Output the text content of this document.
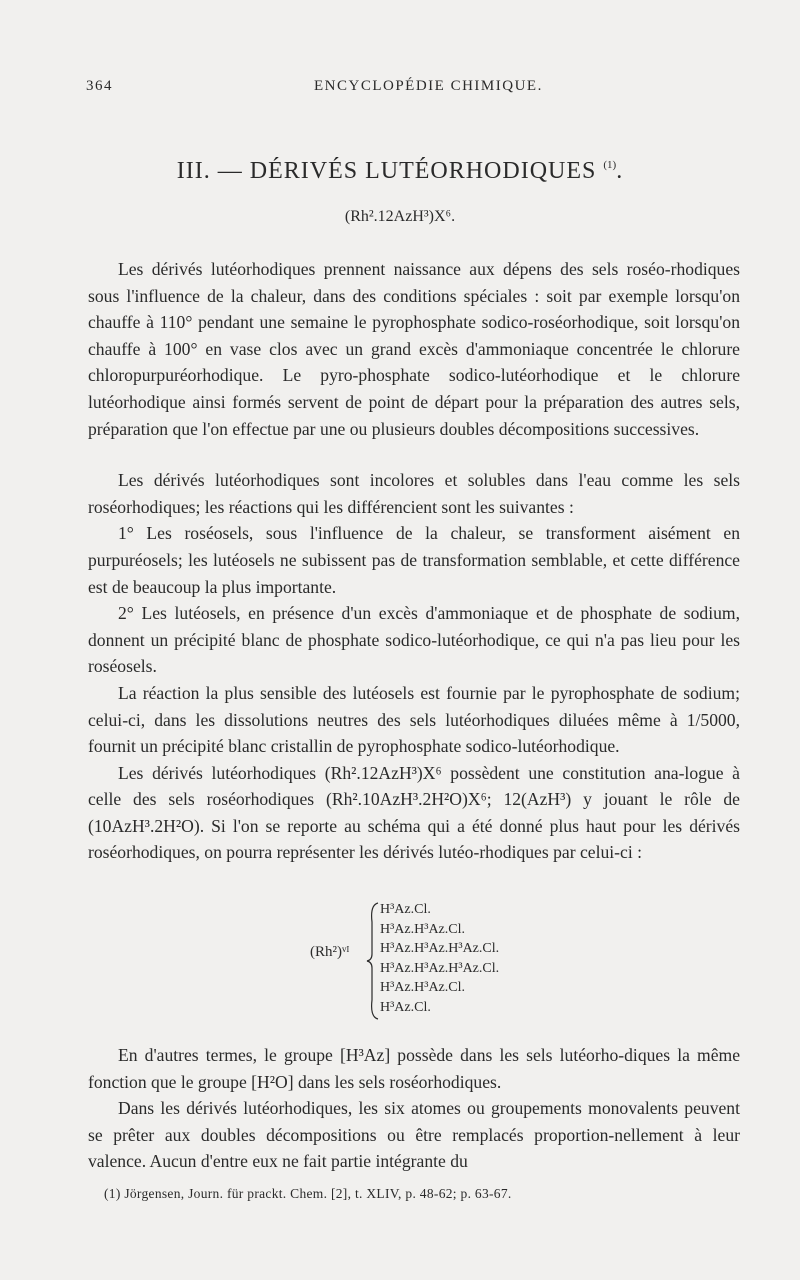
364	ENCYCLOPÉDIE CHIMIQUE.
III. — DÉRIVÉS LUTÉORHODIQUES $^{(1)}$.
(Rh².12AzH³)X⁶.

Les dérivés lutéorhodiques prennent naissance aux dépens des sels roséo-rhodiques sous l'influence de la chaleur, dans des conditions spéciales : soit par exemple lorsqu'on chauffe à 110° pendant une semaine le pyrophosphate sodico-roséorhodique, soit lorsqu'on chauffe à 100° en vase clos avec un grand excès d'ammoniaque concentrée le chlorure chloropurpuréorhodique. Le pyro-phosphate sodico-lutéorhodique et le chlorure lutéorhodique ainsi formés servent de point de départ pour la préparation des autres sels, préparation que l'on effectue par une ou plusieurs doubles décompositions successives.

Les dérivés lutéorhodiques sont incolores et solubles dans l'eau comme les sels roséorhodiques; les réactions qui les différencient sont les suivantes :

1° Les roséosels, sous l'influence de la chaleur, se transforment aisément en purpuréosels; les lutéosels ne subissent pas de transformation semblable, et cette différence est de beaucoup la plus importante.

2° Les lutéosels, en présence d'un excès d'ammoniaque et de phosphate de sodium, donnent un précipité blanc de phosphate sodico-lutéorhodique, ce qui n'a pas lieu pour les roséosels.

La réaction la plus sensible des lutéosels est fournie par le pyrophosphate de sodium; celui-ci, dans les dissolutions neutres des sels lutéorhodiques diluées même à 1/5000, fournit un précipité blanc cristallin de pyrophosphate sodico-lutéorhodique.

Les dérivés lutéorhodiques (Rh².12AzH³)X⁶ possèdent une constitution ana-logue à celle des sels roséorhodiques (Rh².10AzH³.2H²O)X⁶; 12(AzH³) y jouant le rôle de (10AzH³.2H²O). Si l'on se reporte au schéma qui a été donné plus haut pour les dérivés roséorhodiques, on pourra représenter les dérivés lutéo-rhodiques par celui-ci :

(Rh²)ᵛᴵ
H³Az.Cl.
H³Az.H³Az.Cl.
H³Az.H³Az.H³Az.Cl.
H³Az.H³Az.H³Az.Cl.
H³Az.H³Az.Cl.
H³Az.Cl.

En d'autres termes, le groupe [H³Az] possède dans les sels lutéorho-diques la même fonction que le groupe [H²O] dans les sels roséorhodiques.

Dans les dérivés lutéorhodiques, les six atomes ou groupements monovalents peuvent se prêter aux doubles décompositions ou être remplacés proportion-nellement à leur valence. Aucun d'entre eux ne fait partie intégrante du

(1) Jörgensen, Journ. für prackt. Chem. [2], t. XLIV, p. 48-62; p. 63-67.
